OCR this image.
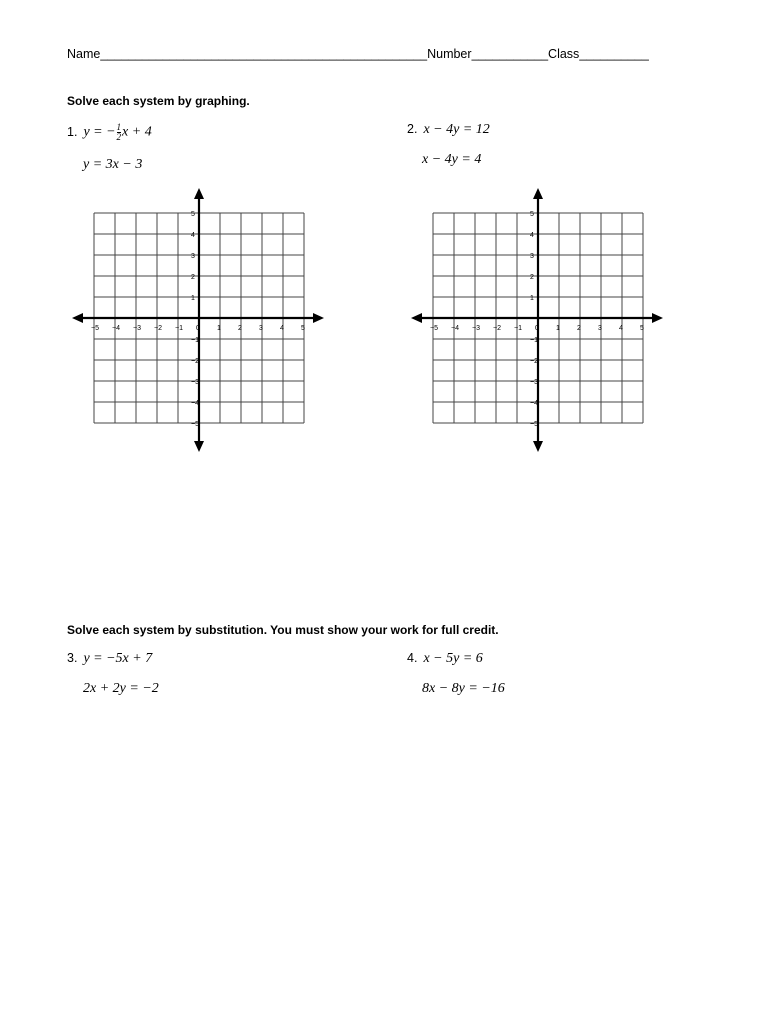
Name_______________________________________________Number___________Class__________
Solve each system by graphing.
1. y = − $\frac{1}{2}$ x + 4
y = 3x − 3
2. x − 4y = 12
x − 4y = 4
−5 −4 −3 −2 −1 0 1 2 3 4 5
5
4
3
2
1
−1
−2
−3
−4
−5
−5 −4 −3 −2 −1 0 1 2 3 4 5
5
4
3
2
1
−1
−2
−3
−4
−5
Solve each system by substitution. You must show your work for full credit.
3. y = −5x + 7
2x + 2y = −2
4. x − 5y = 6
8x − 8y = −16
